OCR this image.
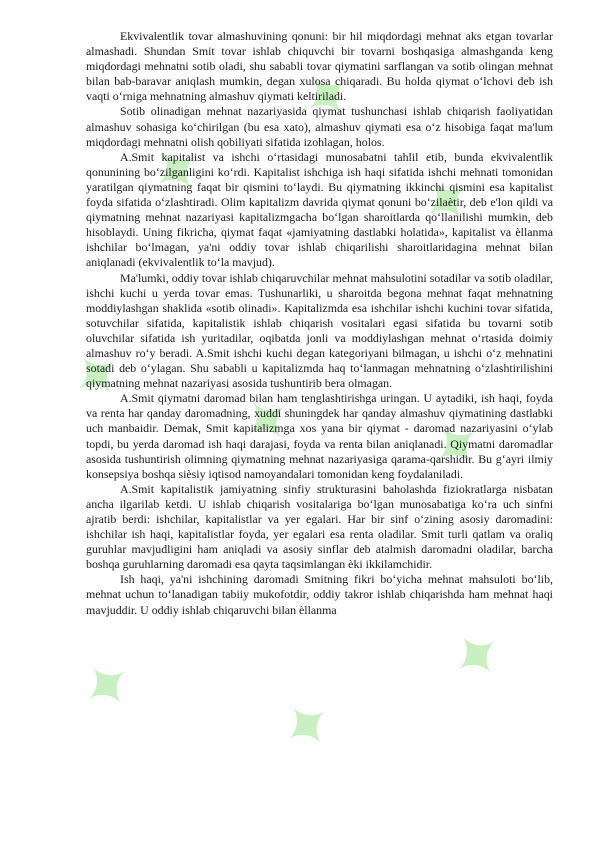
✦
✦
✦
✦ ✦ ✦
✦ ✦
✦

Ekvivalentlik tovar almashuvining qonuni: bir hil miqdordagi mehnat aks etgan tovarlar almashadi. Shundan Smit tovar ishlab chiquvchi bir tovarni boshqasiga almashganda keng miqdordagi mehnatni sotib oladi, shu sababli tovar qiymatini sarflangan va sotib olingan mehnat bilan bab-baravar aniqlash mumkin, degan xulosa chiqaradi. Bu holda qiymat o‘lchovi deb ish vaqti o‘rniga mehnatning almashuv qiymati keltiriladi.

Sotib olinadigan mehnat nazariyasida qiymat tushunchasi ishlab chiqarish faoliyatidan almashuv sohasiga ko‘chirilgan (bu esa xato), almashuv qiymati esa o‘z hisobiga faqat ma'lum miqdordagi mehnatni olish qobiliyati sifatida izohlagan, holos.

A.Smit kapitalist va ishchi o‘rtasidagi munosabatni tahlil etib, bunda ekvivalentlik qonunining bo‘zilganligini ko‘rdi. Kapitalist ishchiga ish haqi sifatida ishchi mehnati tomonidan yaratilgan qiymatning faqat bir qismini to‘laydi. Bu qiymatning ikkinchi qismini esa kapitalist foyda sifatida o‘zlashtiradi. Olim kapitalizm davrida qiymat qonuni bo‘zilaètir, deb e'lon qildi va qiymatning mehnat nazariyasi kapitalizmgacha bo‘lgan sharoitlarda qo‘llanilishi mumkin, deb hisoblaydi. Uning fikricha, qiymat faqat «jamiyatning dastlabki holatida», kapitalist va èllanma ishchilar bo‘lmagan, ya'ni oddiy tovar ishlab chiqarilishi sharoitlaridagina mehnat bilan aniqlanadi (ekvivalentlik to‘la mavjud).

Ma'lumki, oddiy tovar ishlab chiqaruvchilar mehnat mahsulotini sotadilar va sotib oladilar, ishchi kuchi u yerda tovar emas. Tushunarliki, u sharoitda begona mehnat faqat mehnatning moddiylashgan shaklida «sotib olinadi». Kapitalizmda esa ishchilar ishchi kuchini tovar sifatida, sotuvchilar sifatida, kapitalistik ishlab chiqarish vositalari egasi sifatida bu tovarni sotib oluvchilar sifatida ish yuritadilar, oqibatda jonli va moddiylashgan mehnat o‘rtasida doimiy almashuv ro‘y beradi. A.Smit ishchi kuchi degan kategoriyani bilmagan, u ishchi o‘z mehnatini sotadi deb o‘ylagan. Shu sababli u kapitalizmda haq to‘lanmagan mehnatning o‘zlashtirilishini qiymatning mehnat nazariyasi asosida tushuntirib bera olmagan.

A.Smit qiymatni daromad bilan ham tenglashtirishga uringan. U aytadiki, ish haqi, foyda va renta har qanday daromadning, xuddi shuningdek har qanday almashuv qiymatining dastlabki uch manbaidir. Demak, Smit kapitalizmga xos yana bir qiymat - daromad nazariyasini o‘ylab topdi, bu yerda daromad ish haqi darajasi, foyda va renta bilan aniqlanadi. Qiymatni daromadlar asosida tushuntirish olimning qiymatning mehnat nazariyasiga qarama-qarshidir. Bu g‘ayri ilmiy konsepsiya boshqa sièsiy iqtisod namoyandalari tomonidan keng foydalaniladi.

A.Smit kapitalistik jamiyatning sinfiy strukturasini baholashda fiziokratlarga nisbatan ancha ilgarilab ketdi. U ishlab chiqarish vositalariga bo‘lgan munosabatiga ko‘ra uch sinfni ajratib berdi: ishchilar, kapitalistlar va yer egalari. Har bir sinf o‘zining asosiy daromadini: ishchilar ish haqi, kapitalistlar foyda, yer egalari esa renta oladilar. Smit turli qatlam va oraliq guruhlar mavjudligini ham aniqladi va asosiy sinflar deb atalmish daromadni oladilar, barcha boshqa guruhlarning daromadi esa qayta taqsimlangan èki ikkilamchidir.

Ish haqi, ya'ni ishchining daromadi Smitning fikri bo‘yicha mehnat mahsuloti bo‘lib, mehnat uchun to‘lanadigan tabiiy mukofotdir, oddiy takror ishlab chiqarishda ham mehnat haqi mavjuddir. U oddiy ishlab chiqaruvchi bilan èllanma
